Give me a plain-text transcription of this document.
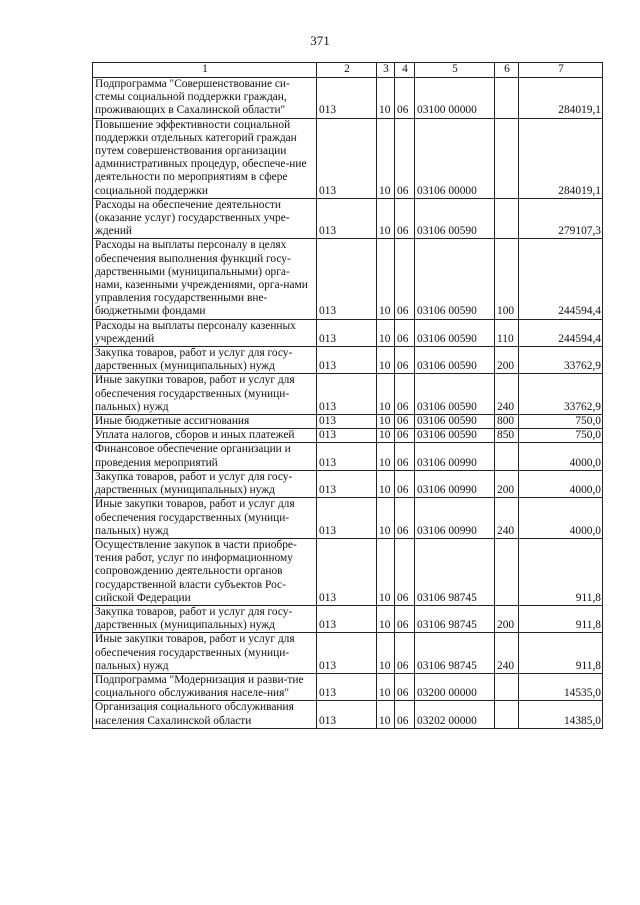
371
1	2	3	4	5	6	7
Подпрограмма "Совершенствование си-стемы социальной поддержки граждан, проживающих в Сахалинской области"	013	10	06	03100 00000		284019,1
Повышение эффективности социальной поддержки отдельных категорий граждан путем совершенствования организации административных процедур, обеспече-ние деятельности по мероприятиям в сфере социальной поддержки	013	10	06	03106 00000		284019,1
Расходы на обеспечение деятельности (оказание услуг) государственных учре-ждений	013	10	06	03106 00590		279107,3
Расходы на выплаты персоналу в целях обеспечения выполнения функций госу-дарственными (муниципальными) орга-нами, казенными учреждениями, орга-нами управления государственными вне-бюджетными фондами	013	10	06	03106 00590	100	244594,4
Расходы на выплаты персоналу казенных учреждений	013	10	06	03106 00590	110	244594,4
Закупка товаров, работ и услуг для госу-дарственных (муниципальных) нужд	013	10	06	03106 00590	200	33762,9
Иные закупки товаров, работ и услуг для обеспечения государственных (муници-пальных) нужд	013	10	06	03106 00590	240	33762,9
Иные бюджетные ассигнования	013	10	06	03106 00590	800	750,0
Уплата налогов, сборов и иных платежей	013	10	06	03106 00590	850	750,0
Финансовое обеспечение организации и проведения мероприятий	013	10	06	03106 00990		4000,0
Закупка товаров, работ и услуг для госу-дарственных (муниципальных) нужд	013	10	06	03106 00990	200	4000,0
Иные закупки товаров, работ и услуг для обеспечения государственных (муници-пальных) нужд	013	10	06	03106 00990	240	4000,0
Осуществление закупок в части приобре-тения работ, услуг по информационному сопровождению деятельности органов государственной власти субъектов Рос-сийской Федерации	013	10	06	03106 98745		911,8
Закупка товаров, работ и услуг для госу-дарственных (муниципальных) нужд	013	10	06	03106 98745	200	911,8
Иные закупки товаров, работ и услуг для обеспечения государственных (муници-пальных) нужд	013	10	06	03106 98745	240	911,8
Подпрограмма "Модернизация и разви-тие социального обслуживания населе-ния"	013	10	06	03200 00000		14535,0
Организация социального обслуживания населения Сахалинской области	013	10	06	03202 00000		14385,0
